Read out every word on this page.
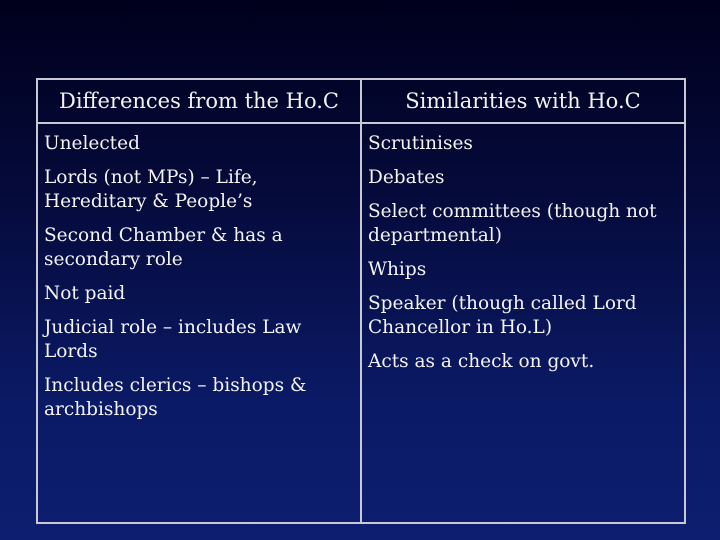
Differences from the Ho.C	Similarities with Ho.C
Unelected
Lords (not MPs) – Life, Hereditary & People’s
Second Chamber & has a secondary role
Not paid
Judicial role – includes Law Lords
Includes clerics – bishops & archbishops
Scrutinises
Debates
Select committees (though not departmental)
Whips
Speaker (though called Lord Chancellor in Ho.L)
Acts as a check on govt.
